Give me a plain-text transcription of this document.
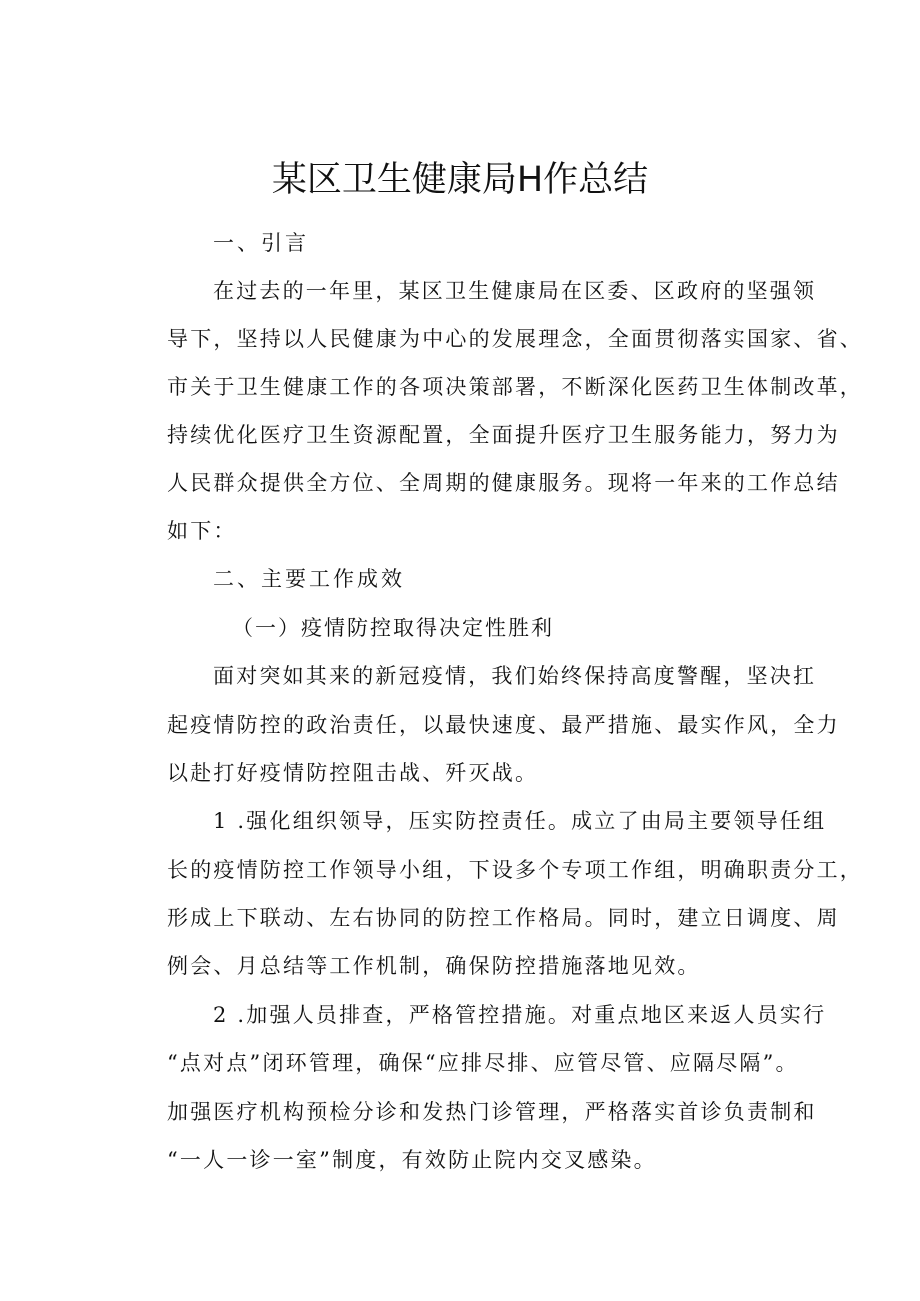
某区卫生健康局H作总结
一、引言
在过去的一年里，某区卫生健康局在区委、区政府的坚强领
导下，坚持以人民健康为中心的发展理念，全面贯彻落实国家、省、
市关于卫生健康工作的各项决策部署，不断深化医药卫生体制改革，
持续优化医疗卫生资源配置，全面提升医疗卫生服务能力，努力为
人民群众提供全方位、全周期的健康服务。现将一年来的工作总结
如下：
二、主要工作成效
（一）疫情防控取得决定性胜利
面对突如其来的新冠疫情，我们始终保持高度警醒，坚决扛
起疫情防控的政治责任，以最快速度、最严措施、最实作风，全力
以赴打好疫情防控阻击战、歼灭战。
1 .强化组织领导，压实防控责任。成立了由局主要领导任组
长的疫情防控工作领导小组，下设多个专项工作组，明确职责分工，
形成上下联动、左右协同的防控工作格局。同时，建立日调度、周
例会、月总结等工作机制，确保防控措施落地见效。
2 .加强人员排查，严格管控措施。对重点地区来返人员实行
“点对点”闭环管理，确保“应排尽排、应管尽管、应隔尽隔”。
加强医疗机构预检分诊和发热门诊管理，严格落实首诊负责制和
“一人一诊一室”制度，有效防止院内交叉感染。
